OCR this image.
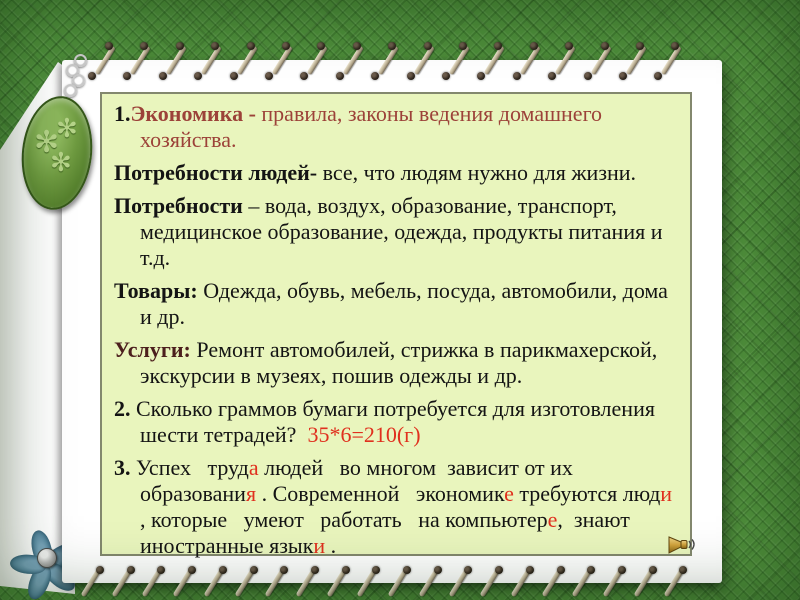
1.Экономика - правила, законы ведения домашнего хозяйства.

Потребности людей- все, что людям нужно для жизни.

Потребности – вода, воздух, образование, транспорт, медицинское образование, одежда, продукты питания и т.д.

Товары: Одежда, обувь, мебель, посуда, автомобили, дома и др.

Услуги: Ремонт автомобилей, стрижка в парикмахерской, экскурсии в музеях, пошив одежды и др.

2. Сколько граммов бумаги потребуется для изготовления шести тетрадей?  35*6=210(г)

3. Успех   труда людей   во многом  зависит от их образования . Современной   экономике требуются люди , которые   умеют   работать   на компьютере,  знают   иностранные языки .

✻
✻
✻
